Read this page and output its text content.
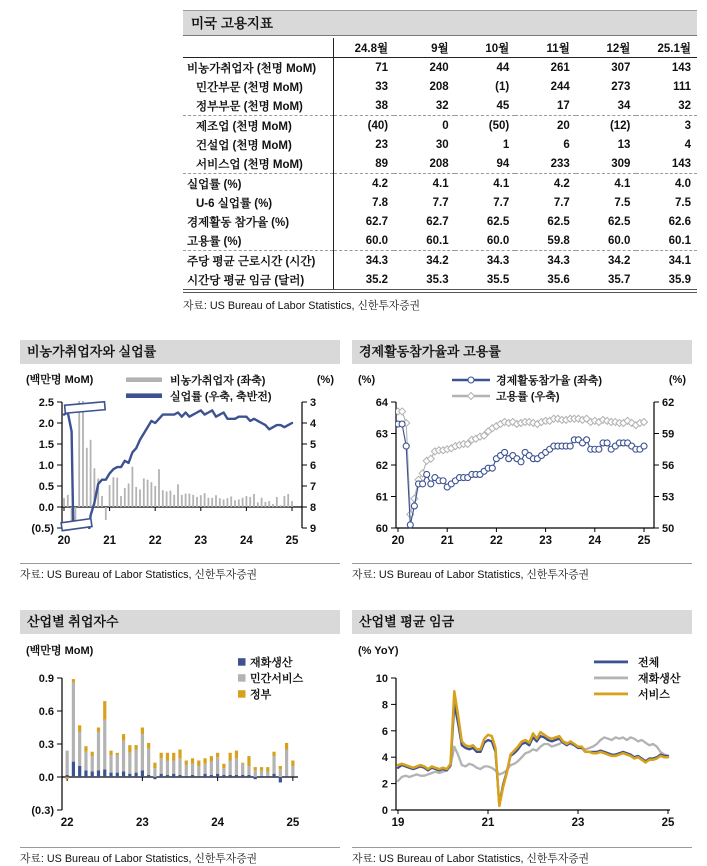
미국 고용지표
	24.8월	9월	10월	11월	12월	25.1월
비농가취업자 (천명 MoM)	71	240	44	261	307	143
민간부문 (천명 MoM)	33	208	(1)	244	273	111
정부부문 (천명 MoM)	38	32	45	17	34	32
제조업 (천명 MoM)	(40)	0	(50)	20	(12)	3
건설업 (천명 MoM)	23	30	1	6	13	4
서비스업 (천명 MoM)	89	208	94	233	309	143
실업률 (%)	4.2	4.1	4.1	4.2	4.1	4.0
U-6 실업률 (%)	7.8	7.7	7.7	7.7	7.5	7.5
경제활동 참가율 (%)	62.7	62.7	62.5	62.5	62.5	62.6
고용률 (%)	60.0	60.1	60.0	59.8	60.0	60.1
주당 평균 근로시간 (시간)	34.3	34.2	34.3	34.3	34.2	34.1
시간당 평균 임금 (달러)	35.2	35.3	35.5	35.6	35.7	35.9
자료: US Bureau of Labor Statistics, 신한투자증권
비농가취업자와 실업률
2.5
2.0
1.5
1.0
0.5
0.0
(0.5)
3
4
5
6
7
8
9
20	21	22	23	24	25
비농가취업자 (좌축)
실업률 (우축, 축반전)
(백만명 MoM)	(%)
자료: US Bureau of Labor Statistics, 신한투자증권
경제활동참가율과 고용률
64
63
62
61
60
62
59
56
53
50
20	21	22	23	24	25
경제활동참가율 (좌축)
고용률 (우축)
(%)	(%)
자료: US Bureau of Labor Statistics, 신한투자증권
산업별 취업자수
0.9
0.6
0.3
0.0
(0.3)
22	23	24	25
재화생산
민간서비스
정부
(백만명 MoM)
자료: US Bureau of Labor Statistics, 신한투자증권
산업별 평균 임금
10
8
6
4
2
0
19	21	23	25
전체
재화생산
서비스
(% YoY)
자료: US Bureau of Labor Statistics, 신한투자증권
